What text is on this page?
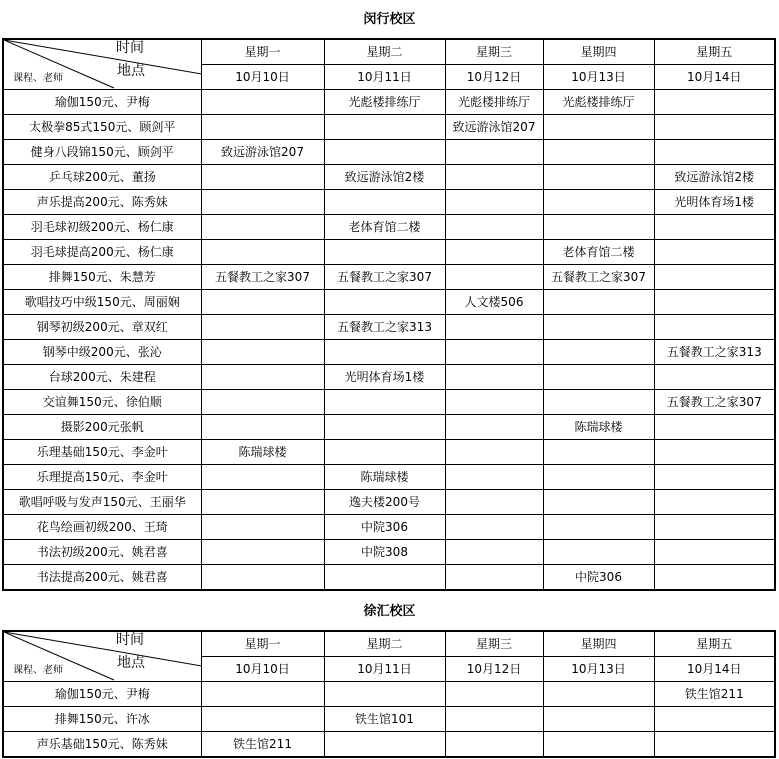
闵行校区
时间
地点
课程、老师	星期一	星期二	星期三	星期四	星期五
	10月10日	10月11日	10月12日	10月13日	10月14日
瑜伽150元、尹梅		光彪楼排练厅	光彪楼排练厅	光彪楼排练厅	
太极拳85式150元、顾剑平			致远游泳馆207		
健身八段锦150元、顾剑平	致远游泳馆207				
乒乓球200元、董扬		致远游泳馆2楼			致远游泳馆2楼
声乐提高200元、陈秀妹					光明体育场1楼
羽毛球初级200元、杨仁康		老体育馆二楼			
羽毛球提高200元、杨仁康				老体育馆二楼	
排舞150元、朱慧芳	五餐教工之家307	五餐教工之家307		五餐教工之家307	
歌唱技巧中级150元、周丽娴			人文楼506		
钢琴初级200元、章双红		五餐教工之家313			
钢琴中级200元、张沁					五餐教工之家313
台球200元、朱建程		光明体育场1楼			
交谊舞150元、徐伯顺					五餐教工之家307
摄影200元张帆				陈瑞球楼	
乐理基础150元、李金叶	陈瑞球楼				
乐理提高150元、李金叶		陈瑞球楼			
歌唱呼吸与发声150元、王丽华		逸夫楼200号			
花鸟绘画初级200、王琦		中院306			
书法初级200元、姚君喜		中院308			
书法提高200元、姚君喜				中院306	
徐汇校区
时间
地点
课程、老师	星期一	星期二	星期三	星期四	星期五
	10月10日	10月11日	10月12日	10月13日	10月14日
瑜伽150元、尹梅					铁生馆211
排舞150元、许冰		铁生馆101			
声乐基础150元、陈秀妹	铁生馆211				
